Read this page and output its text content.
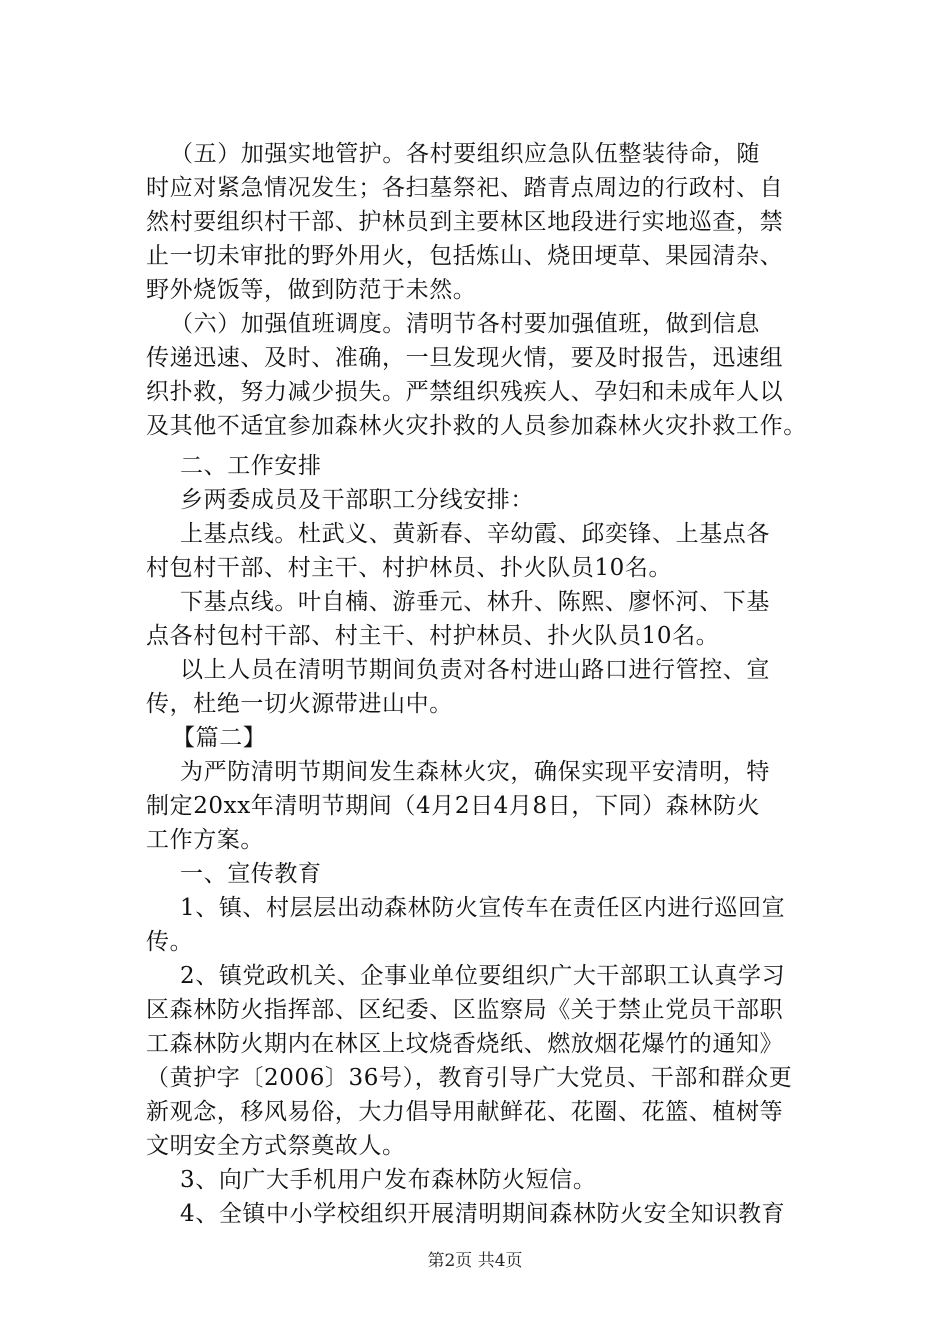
（五）加强实地管护。各村要组织应急队伍整装待命，随
时应对紧急情况发生；各扫墓祭祀、踏青点周边的行政村、自
然村要组织村干部、护林员到主要林区地段进行实地巡查，禁
止一切未审批的野外用火，包括炼山、烧田埂草、果园清杂、
野外烧饭等，做到防范于未然。
（六）加强值班调度。清明节各村要加强值班，做到信息
传递迅速、及时、准确，一旦发现火情，要及时报告，迅速组
织扑救，努力减少损失。严禁组织残疾人、孕妇和未成年人以
及其他不适宜参加森林火灾扑救的人员参加森林火灾扑救工作。
二、工作安排
乡两委成员及干部职工分线安排：
上基点线。杜武义、黄新春、辛幼霞、邱奕锋、上基点各
村包村干部、村主干、村护林员、扑火队员10名。
下基点线。叶自楠、游垂元、林升、陈熙、廖怀河、下基
点各村包村干部、村主干、村护林员、扑火队员10名。
以上人员在清明节期间负责对各村进山路口进行管控、宣
传，杜绝一切火源带进山中。
【篇二】
为严防清明节期间发生森林火灾，确保实现平安清明，特
制定20xx年清明节期间（4月2日4月8日，下同）森林防火
工作方案。
一、宣传教育
1、镇、村层层出动森林防火宣传车在责任区内进行巡回宣
传。
2、镇党政机关、企事业单位要组织广大干部职工认真学习
区森林防火指挥部、区纪委、区监察局《关于禁止党员干部职
工森林防火期内在林区上坟烧香烧纸、燃放烟花爆竹的通知》
（黄护字〔2006〕36号），教育引导广大党员、干部和群众更
新观念，移风易俗，大力倡导用献鲜花、花圈、花篮、植树等
文明安全方式祭奠故人。
3、向广大手机用户发布森林防火短信。
4、全镇中小学校组织开展清明期间森林防火安全知识教育
第2页 共4页
